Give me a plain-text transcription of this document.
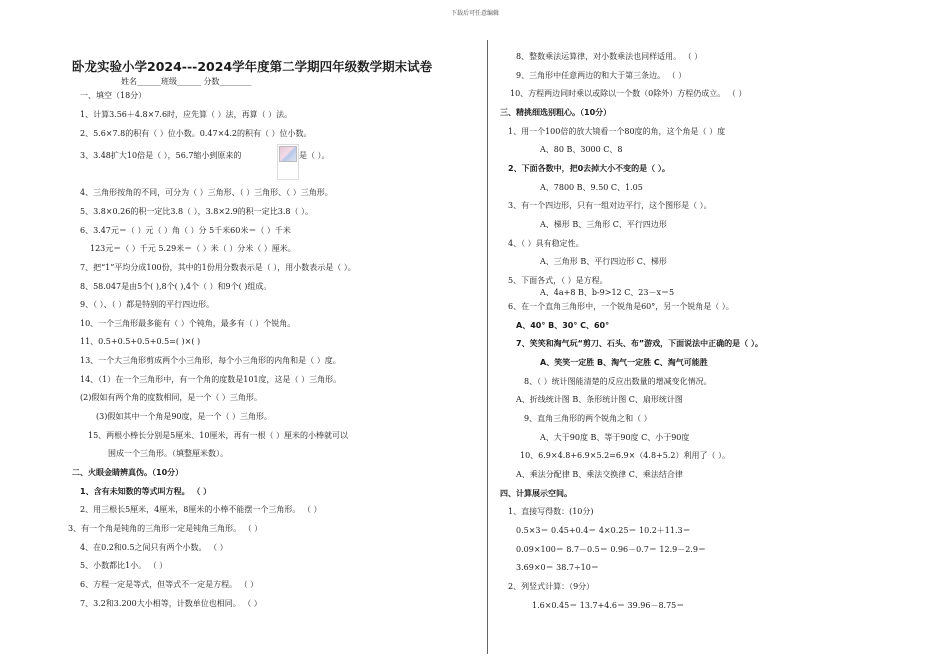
下载后可任意编辑
卧龙实验小学2024---2024学年度第二学期四年级数学期末试卷
姓名______班级______ 分数________
一、填空（18分）
1、计算3.56＋4.8×7.6时，应先算（ ）法，再算（ ）法。
2、5.6×7.8的积有（ ）位小数。0.47×4.2的积有（ ）位小数。
3、3.48扩大10倍是（ ），56.7缩小到原来的	是（ ）。
4、三角形按角的不同，可分为（ ）三角形、（ ）三角形、（ ）三角形。
5、3.8×0.26的积一定比3.8（ ），3.8×2.9的积一定比3.8（ ）。
6、3.47元＝（ ）元（ ）角（ ）分 5千米60米＝（ ）千米
123元＝（ ）千元 5.29米＝（ ）米（ ）分米（ ）厘米。
7、把“1”平均分成100份，其中的1份用分数表示是（ ），用小数表示是（ ）。
8、58.047是由5个( ),8个( ),4个（ ）和9个( )组成。
9、（ ）、（ ）都是特别的平行四边形。
10、一个三角形最多能有（ ）个钝角，最多有（ ）个锐角。
11、0.5+0.5+0.5+0.5=( )×( )
13、一个大三角形剪成两个小三角形，每个小三角形的内角和是（ ）度。
14、（1）在一个三角形中，有一个角的度数是101度，这是（ ）三角形。
(2)假如有两个角的度数相同，是一个（ ）三角形。
(3)假如其中一个角是90度，是一个（ ）三角形。
15、两根小棒长分别是5厘米、10厘米，再有一根（ ）厘米的小棒就可以
围成一个三角形。（填整厘米数）。
二、火眼金睛辨真伪。（10分）
1、含有未知数的等式叫方程。 （ ）
2、用三根长5厘米，4厘米，8厘米的小棒不能摆一个三角形。 （ ）
3、有一个角是钝角的三角形一定是钝角三角形。 （ ）
4、在0.2和0.5之间只有两个小数。 （ ）
5、小数都比1小。 （ ）
6、方程一定是等式，但等式不一定是方程。 （ ）
7、3.2和3.200大小相等，计数单位也相同。 （ ）
8、整数乘法运算律，对小数乘法也同样适用。 （ ）
9、三角形中任意两边的和大于第三条边。 （ ）
10、方程两边同时乘以或除以一个数（0除外）方程仍成立。 （ ）
三、精挑细选别粗心。（10分）
1、用一个100倍的放大镜看一个80度的角，这个角是（ ）度
A、80 B、3000 C、8
2、下面各数中，把0去掉大小不变的是（ ）。
A、7800 B、9.50 C、1.05
3、有一个四边形，只有一组对边平行，这个图形是（ ）。
A、梯形 B、三角形 C、平行四边形
4、（ ）具有稳定性。
A、三角形 B、平行四边形 C、梯形
5、下面各式，（ ）是方程。
A、4a+8 B、b-9>12 C、23－x＝5
6、在一个直角三角形中，一个锐角是60°，另一个锐角是（ ）。
A、40° B、30° C、60°
7、笑笑和淘气玩“剪刀、石头、布”游戏，下面说法中正确的是（ ）。
A、笑笑一定胜 B、淘气一定胜 C、淘气可能胜
8、（ ）统计图能清楚的反应出数量的增减变化情况。
A、折线统计图 B、条形统计图 C、扇形统计图
9、直角三角形的两个锐角之和（ ）
A、大于90度 B、等于90度 C、小于90度
10、6.9×4.8+6.9×5.2=6.9×（4.8+5.2）利用了（ ）。
A、乘法分配律 B、乘法交换律 C、乘法结合律
四、计算展示空间。
1、直接写得数：(10分)
0.5×3＝ 0.45+0.4＝ 4×0.25＝ 10.2＋11.3＝
0.09×100＝ 8.7－0.5＝ 0.96－0.7＝ 12.9－2.9＝
3.69×0＝ 38.7÷10＝
2、列竖式计算：（9分）
1.6×0.45＝ 13.7+4.6＝ 39.96－8.75＝
